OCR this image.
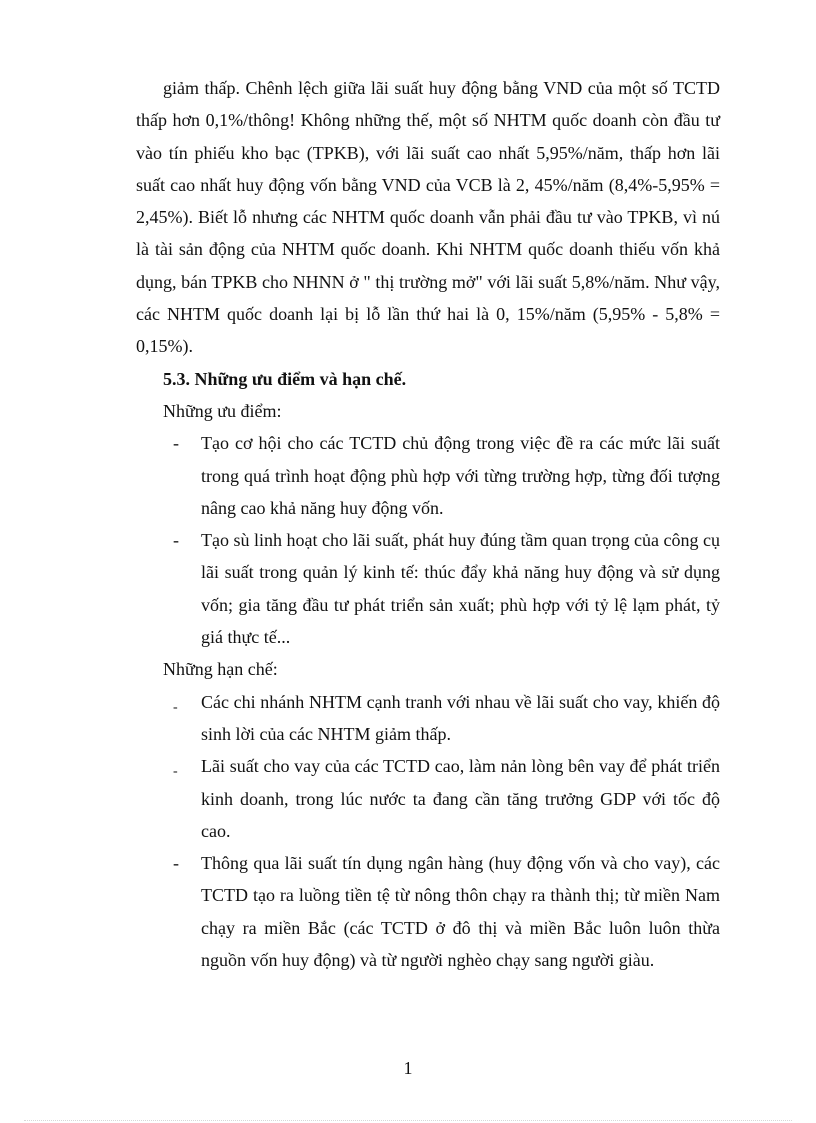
giảm thấp. Chênh lệch giữa lãi suất huy động bằng VND của một số TCTD thấp hơn 0,1%/thông! Không những thế, một số NHTM quốc doanh còn đầu tư vào tín phiếu kho bạc (TPKB), với lãi suất cao nhất 5,95%/năm, thấp hơn lãi suất cao nhất huy động vốn bằng VND của VCB là 2, 45%/năm (8,4%-5,95% = 2,45%). Biết lỗ nhưng các NHTM quốc doanh vẫn phải đầu tư vào TPKB, vì nú là tài sản động của NHTM quốc doanh. Khi NHTM quốc doanh thiếu vốn khả dụng, bán TPKB cho NHNN ở " thị trường mở" với lãi suất 5,8%/năm. Như vậy, các NHTM quốc doanh lại bị lỗ lần thứ hai là 0, 15%/năm (5,95% - 5,8% = 0,15%).

5.3. Những ưu điểm và hạn chế.

Những ưu điểm:

-	Tạo cơ hội cho các TCTD chủ động trong việc đề ra các mức lãi suất trong quá trình hoạt động phù hợp với từng trường hợp, từng đối tượng nâng cao khả năng huy động vốn.
-	Tạo sù linh hoạt cho lãi suất, phát huy đúng tầm quan trọng của công cụ lãi suất trong quản lý kinh tế: thúc đẩy khả năng huy động và sử dụng vốn; gia tăng đầu tư phát triển sản xuất; phù hợp với tỷ lệ lạm phát, tỷ giá thực tế...

Những hạn chế:

-	Các chi nhánh NHTM cạnh tranh với nhau về lãi suất cho vay, khiến độ sinh lời của các NHTM giảm thấp.
-	Lãi suất cho vay của các TCTD cao, làm nản lòng bên vay để phát triển kinh doanh, trong lúc nước ta đang cần tăng trưởng GDP với tốc độ cao.
-	Thông qua lãi suất tín dụng ngân hàng (huy động vốn và cho vay), các TCTD tạo ra luồng tiền tệ từ nông thôn chạy ra thành thị; từ miền Nam chạy ra miền Bắc (các TCTD ở đô thị và miền Bắc luôn luôn thừa nguồn vốn huy động) và từ người nghèo chạy sang người giàu.
1
